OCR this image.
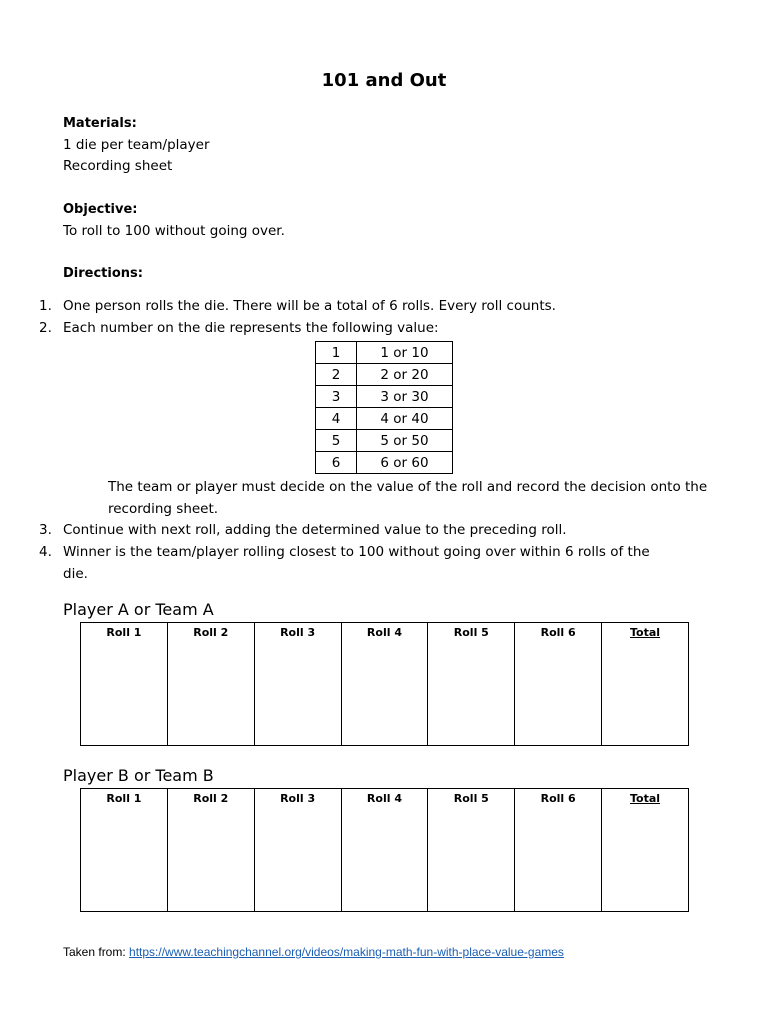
101 and Out
Materials:
1 die per team/player
Recording sheet
Objective:
To roll to 100 without going over.
Directions:
1. One person rolls the die. There will be a total of 6 rolls. Every roll counts.
2. Each number on the die represents the following value:
1	1 or 10
2	2 or 20
3	3 or 30
4	4 or 40
5	5 or 50
6	6 or 60
The team or player must decide on the value of the roll and record the decision onto the recording sheet.
3. Continue with next roll, adding the determined value to the preceding roll.
4. Winner is the team/player rolling closest to 100 without going over within 6 rolls of the die.
Player A or Team A
Roll 1	Roll 2	Roll 3	Roll 4	Roll 5	Roll 6	Total
Player B or Team B
Roll 1	Roll 2	Roll 3	Roll 4	Roll 5	Roll 6	Total
Taken from: https://www.teachingchannel.org/videos/making-math-fun-with-place-value-games
